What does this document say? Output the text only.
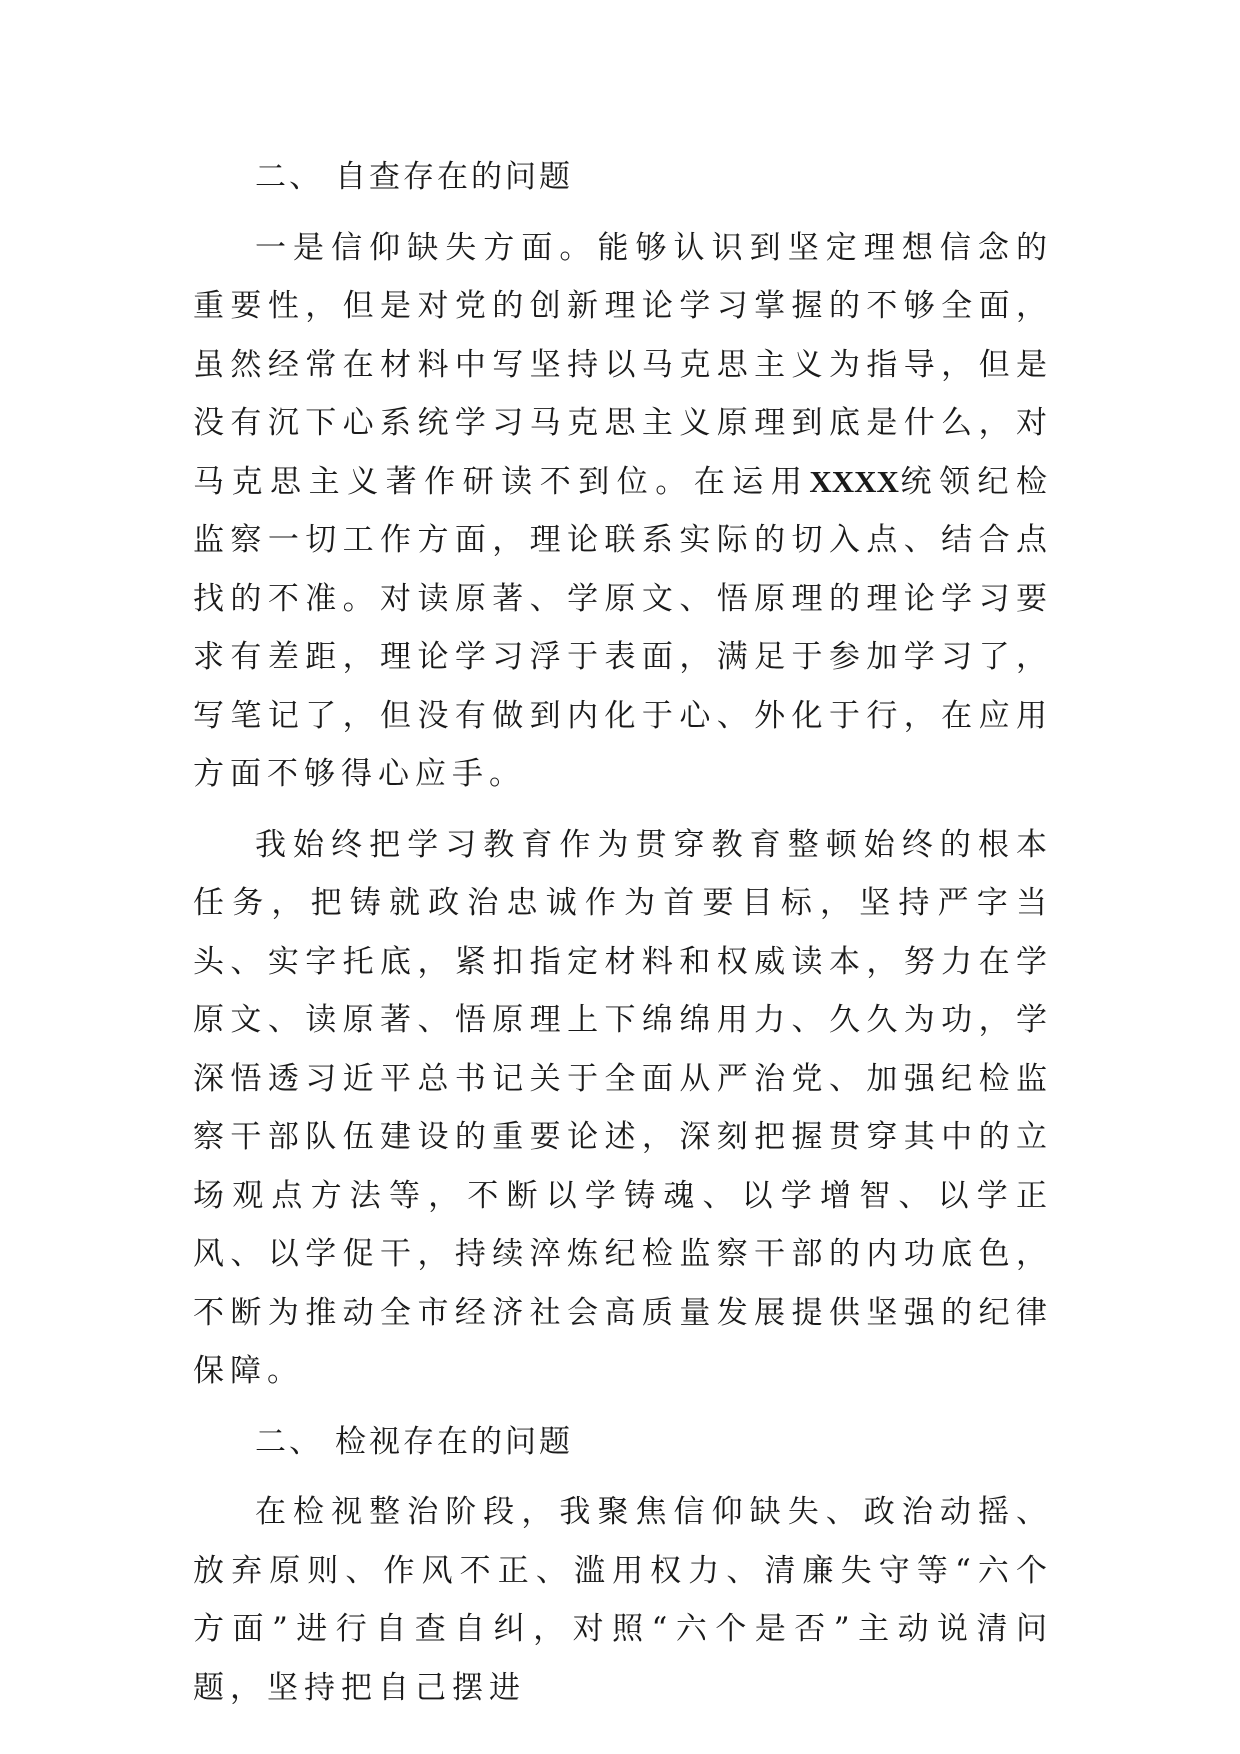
二、 自查存在的问题

一是信仰缺失方面。能够认识到坚定理想信念的重要性，但是对党的创新理论学习掌握的不够全面，虽然经常在材料中写坚持以马克思主义为指导，但是没有沉下心系统学习马克思主义原理到底是什么，对马克思主义著作研读不到位。在运用XXXX统领纪检监察一切工作方面，理论联系实际的切入点、结合点找的不准。对读原著、学原文、悟原理的理论学习要求有差距，理论学习浮于表面，满足于参加学习了，写笔记了，但没有做到内化于心、外化于行，在应用方面不够得心应手。

我始终把学习教育作为贯穿教育整顿始终的根本任务，把铸就政治忠诚作为首要目标，坚持严字当头、实字托底，紧扣指定材料和权威读本，努力在学原文、读原著、悟原理上下绵绵用力、久久为功，学深悟透习近平总书记关于全面从严治党、加强纪检监察干部队伍建设的重要论述，深刻把握贯穿其中的立场观点方法等，不断以学铸魂、以学增智、以学正风、以学促干，持续淬炼纪检监察干部的内功底色，不断为推动全市经济社会高质量发展提供坚强的纪律保障。

二、 检视存在的问题

在检视整治阶段，我聚焦信仰缺失、政治动摇、放弃原则、作风不正、滥用权力、清廉失守等“六个方面”进行自查自纠，对照“六个是否”主动说清问题，坚持把自己摆进
